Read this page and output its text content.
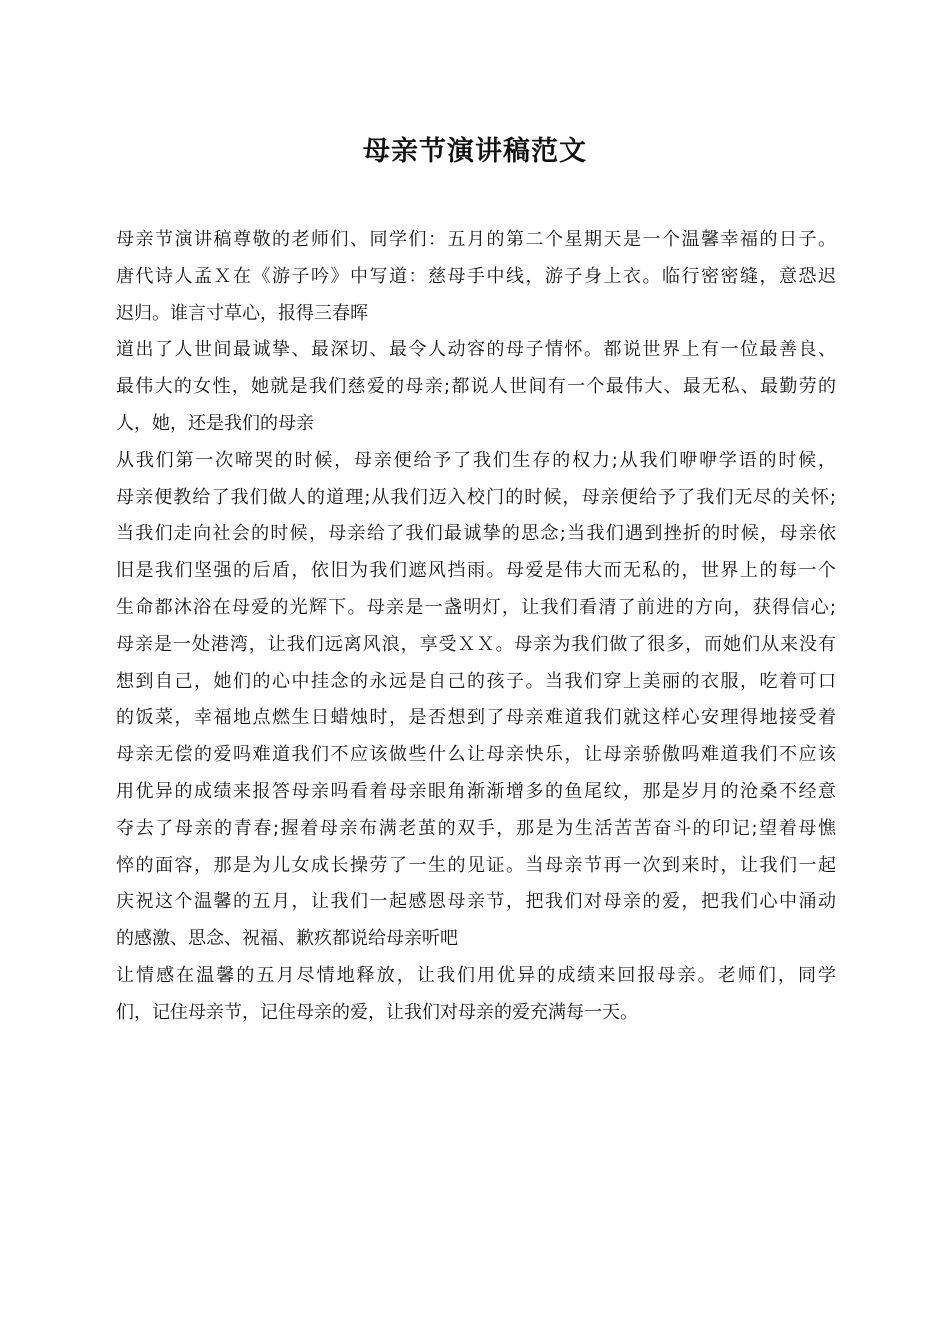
母亲节演讲稿范文
母亲节演讲稿尊敬的老师们、同学们：五月的第二个星期天是一个温馨幸福的日子。
唐代诗人孟Ｘ在《游子吟》中写道：慈母手中线，游子身上衣。临行密密缝，意恐迟
迟归。谁言寸草心，报得三春晖
道出了人世间最诚挚、最深切、最令人动容的母子情怀。都说世界上有一位最善良、
最伟大的女性，她就是我们慈爱的母亲;都说人世间有一个最伟大、最无私、最勤劳的
人，她，还是我们的母亲
从我们第一次啼哭的时候，母亲便给予了我们生存的权力;从我们咿咿学语的时候，
母亲便教给了我们做人的道理;从我们迈入校门的时候，母亲便给予了我们无尽的关怀;
当我们走向社会的时候，母亲给了我们最诚挚的思念;当我们遇到挫折的时候，母亲依
旧是我们坚强的后盾，依旧为我们遮风挡雨。母爱是伟大而无私的，世界上的每一个
生命都沐浴在母爱的光辉下。母亲是一盏明灯，让我们看清了前进的方向，获得信心;
母亲是一处港湾，让我们远离风浪，享受ＸＸ。母亲为我们做了很多，而她们从来没有
想到自己，她们的心中挂念的永远是自己的孩子。当我们穿上美丽的衣服，吃着可口
的饭菜，幸福地点燃生日蜡烛时，是否想到了母亲难道我们就这样心安理得地接受着
母亲无偿的爱吗难道我们不应该做些什么让母亲快乐，让母亲骄傲吗难道我们不应该
用优异的成绩来报答母亲吗看着母亲眼角渐渐增多的鱼尾纹，那是岁月的沧桑不经意
夺去了母亲的青春;握着母亲布满老茧的双手，那是为生活苦苦奋斗的印记;望着母憔
悴的面容，那是为儿女成长操劳了一生的见证。当母亲节再一次到来时，让我们一起
庆祝这个温馨的五月，让我们一起感恩母亲节，把我们对母亲的爱，把我们心中涌动
的感激、思念、祝福、歉疚都说给母亲听吧
让情感在温馨的五月尽情地释放，让我们用优异的成绩来回报母亲。老师们，同学
们，记住母亲节，记住母亲的爱，让我们对母亲的爱充满每一天。
